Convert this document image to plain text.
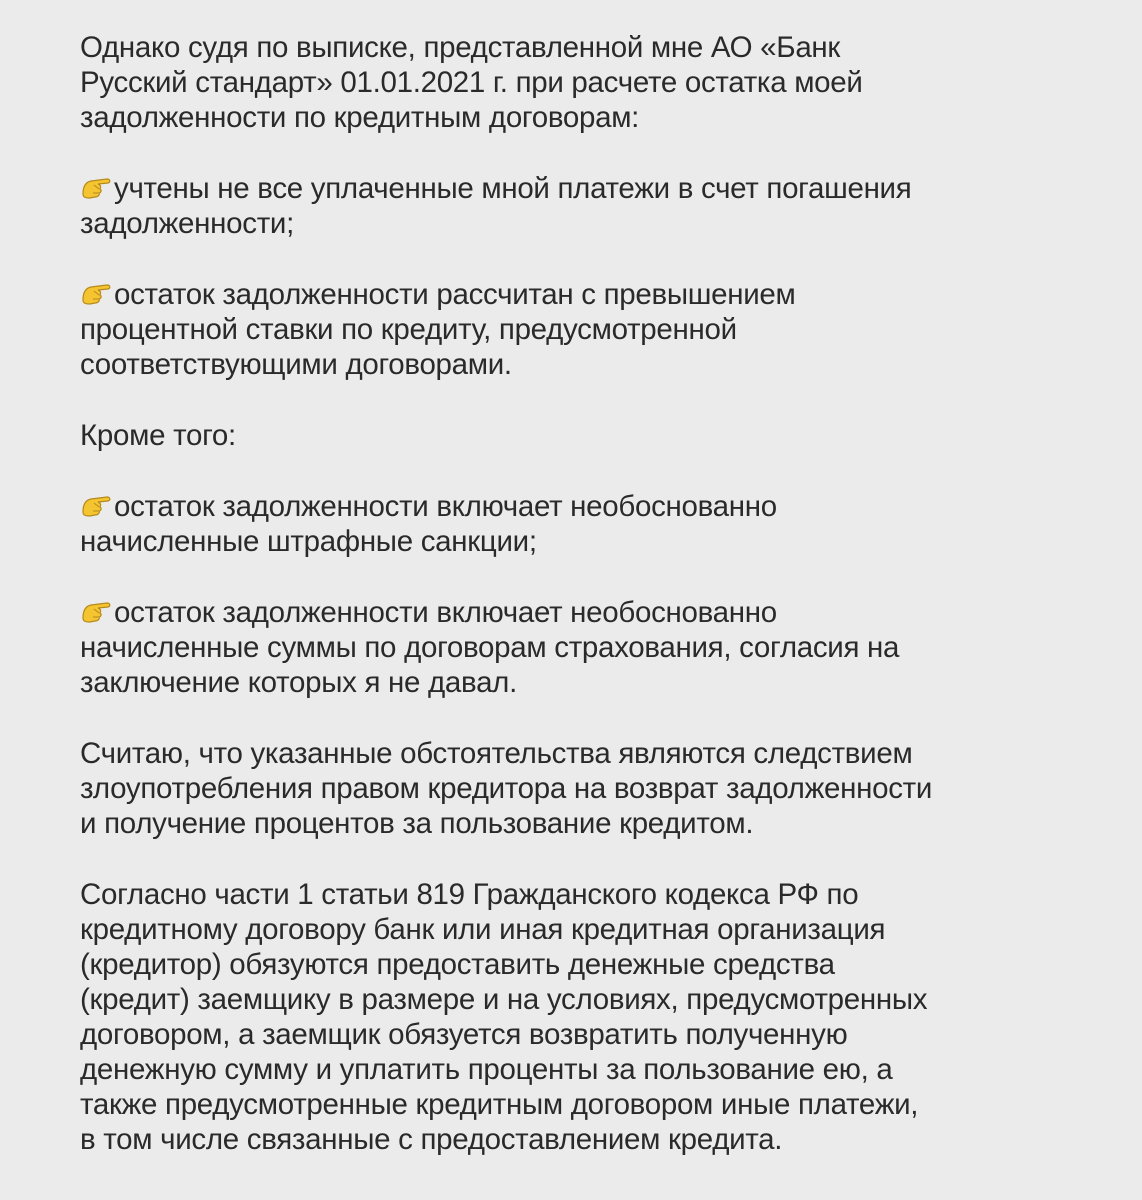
Однако судя по выписке, представленной мне АО «Банк
Русский стандарт» 01.01.2021 г. при расчете остатка моей
задолженности по кредитным договорам:
учтены не все уплаченные мной платежи в счет погашения
задолженности;
остаток задолженности рассчитан с превышением
процентной ставки по кредиту, предусмотренной
соответствующими договорами.
Кроме того:
остаток задолженности включает необоснованно
начисленные штрафные санкции;
остаток задолженности включает необоснованно
начисленные суммы по договорам страхования, согласия на
заключение которых я не давал.
Считаю, что указанные обстоятельства являются следствием
злоупотребления правом кредитора на возврат задолженности
и получение процентов за пользование кредитом.
Согласно части 1 статьи 819 Гражданского кодекса РФ по
кредитному договору банк или иная кредитная организация
(кредитор) обязуются предоставить денежные средства
(кредит) заемщику в размере и на условиях, предусмотренных
договором, а заемщик обязуется возвратить полученную
денежную сумму и уплатить проценты за пользование ею, а
также предусмотренные кредитным договором иные платежи,
в том числе связанные с предоставлением кредита.
